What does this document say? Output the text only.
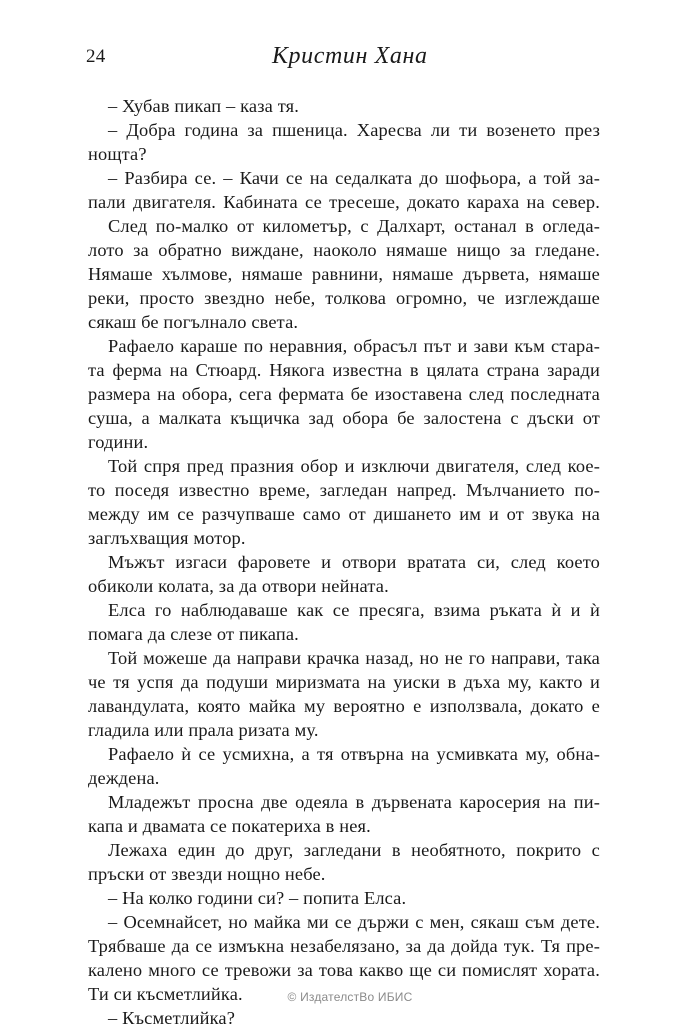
24	Кристин Хана
– Хубав пикап – каза тя.
– Добра година за пшеница. Харесва ли ти возенето през
нощта?
– Разбира се. – Качи се на седалката до шофьора, а той за-
пали двигателя. Кабината се тресеше, докато караха на север.
След по-малко от километър, с Далхарт, останал в огледа-
лото за обратно виждане, наоколо нямаше нищо за гледане.
Нямаше хълмове, нямаше равнини, нямаше дървета, нямаше
реки, просто звездно небе, толкова огромно, че изглеждаше
сякаш бе погълнало света.
Рафаело караше по неравния, обрасъл път и зави към стара-
та ферма на Стюард. Някога известна в цялата страна заради
размера на обора, сега фермата бе изоставена след последната
суша, а малката къщичка зад обора бе залостена с дъски от
години.
Той спря пред празния обор и изключи двигателя, след кое-
то поседя известно време, загледан напред. Мълчанието по-
между им се разчупваше само от дишането им и от звука на
заглъхващия мотор.
Мъжът изгаси фаровете и отвори вратата си, след което
обиколи колата, за да отвори нейната.
Елса го наблюдаваше как се пресяга, взима ръката ѝ и ѝ
помага да слезе от пикапа.
Той можеше да направи крачка назад, но не го направи, така
че тя успя да подуши миризмата на уиски в дъха му, както и
лавандулата, която майка му вероятно е използвала, докато е
гладила или прала ризата му.
Рафаело ѝ се усмихна, а тя отвърна на усмивката му, обна-
деждена.
Младежът просна две одеяла в дървената каросерия на пи-
капа и двамата се покатериха в нея.
Лежаха един до друг, загледани в необятното, покрито с
пръски от звезди нощно небе.
– На колко години си? – попита Елса.
– Осемнайсет, но майка ми се държи с мен, сякаш съм дете.
Трябваше да се измъкна незабелязано, за да дойда тук. Тя пре-
калено много се тревожи за това какво ще си помислят хората.
Ти си късметлийка.
– Късметлийка?
© ИздателстВо ИБИС
